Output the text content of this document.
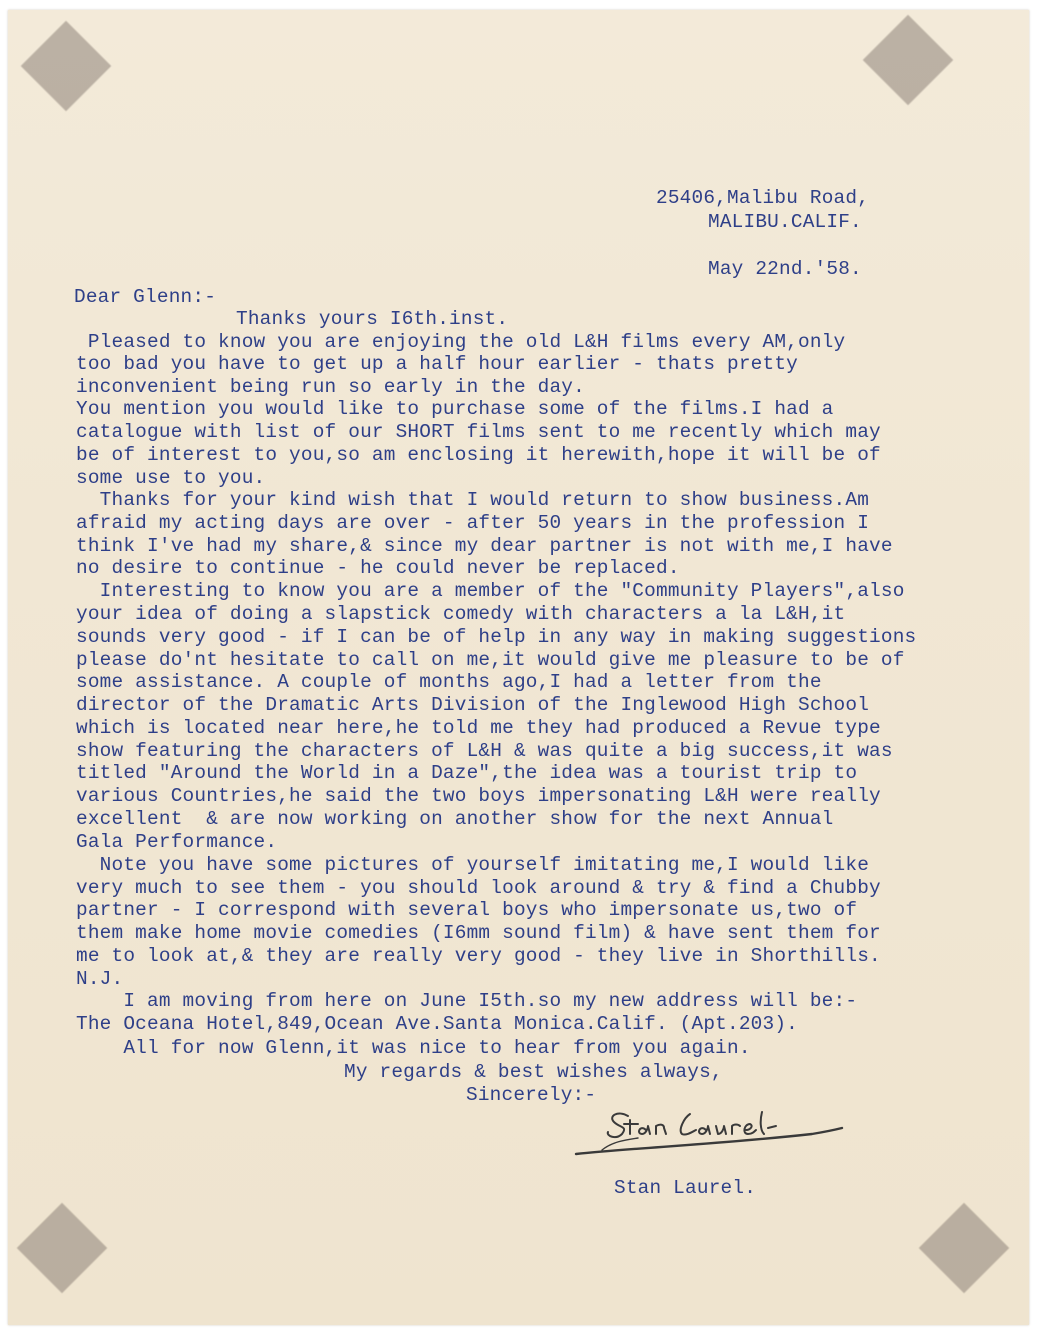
25406,Malibu Road,
MALIBU.CALIF.
May 22nd.'58.
Dear Glenn:-
Thanks yours I6th.inst.
Pleased to know you are enjoying the old L&H films every AM,only
too bad you have to get up a half hour earlier - thats pretty
inconvenient being run so early in the day.
You mention you would like to purchase some of the films.I had a
catalogue with list of our SHORT films sent to me recently which may
be of interest to you,so am enclosing it herewith,hope it will be of
some use to you.
Thanks for your kind wish that I would return to show business.Am
afraid my acting days are over - after 50 years in the profession I
think I've had my share,& since my dear partner is not with me,I have
no desire to continue - he could never be replaced.
Interesting to know you are a member of the "Community Players",also
your idea of doing a slapstick comedy with characters a la L&H,it
sounds very good - if I can be of help in any way in making suggestions
please do'nt hesitate to call on me,it would give me pleasure to be of
some assistance. A couple of months ago,I had a letter from the
director of the Dramatic Arts Division of the Inglewood High School
which is located near here,he told me they had produced a Revue type
show featuring the characters of L&H & was quite a big success,it was
titled "Around the World in a Daze",the idea was a tourist trip to
various Countries,he said the two boys impersonating L&H were really
excellent  & are now working on another show for the next Annual
Gala Performance.
Note you have some pictures of yourself imitating me,I would like
very much to see them - you should look around & try & find a Chubby
partner - I correspond with several boys who impersonate us,two of
them make home movie comedies (I6mm sound film) & have sent them for
me to look at,& they are really very good - they live in Shorthills.
N.J.
I am moving from here on June I5th.so my new address will be:-
The Oceana Hotel,849,Ocean Ave.Santa Monica.Calif. (Apt.203).
All for now Glenn,it was nice to hear from you again.
My regards & best wishes always,
Sincerely:-
Stan Laurel.
